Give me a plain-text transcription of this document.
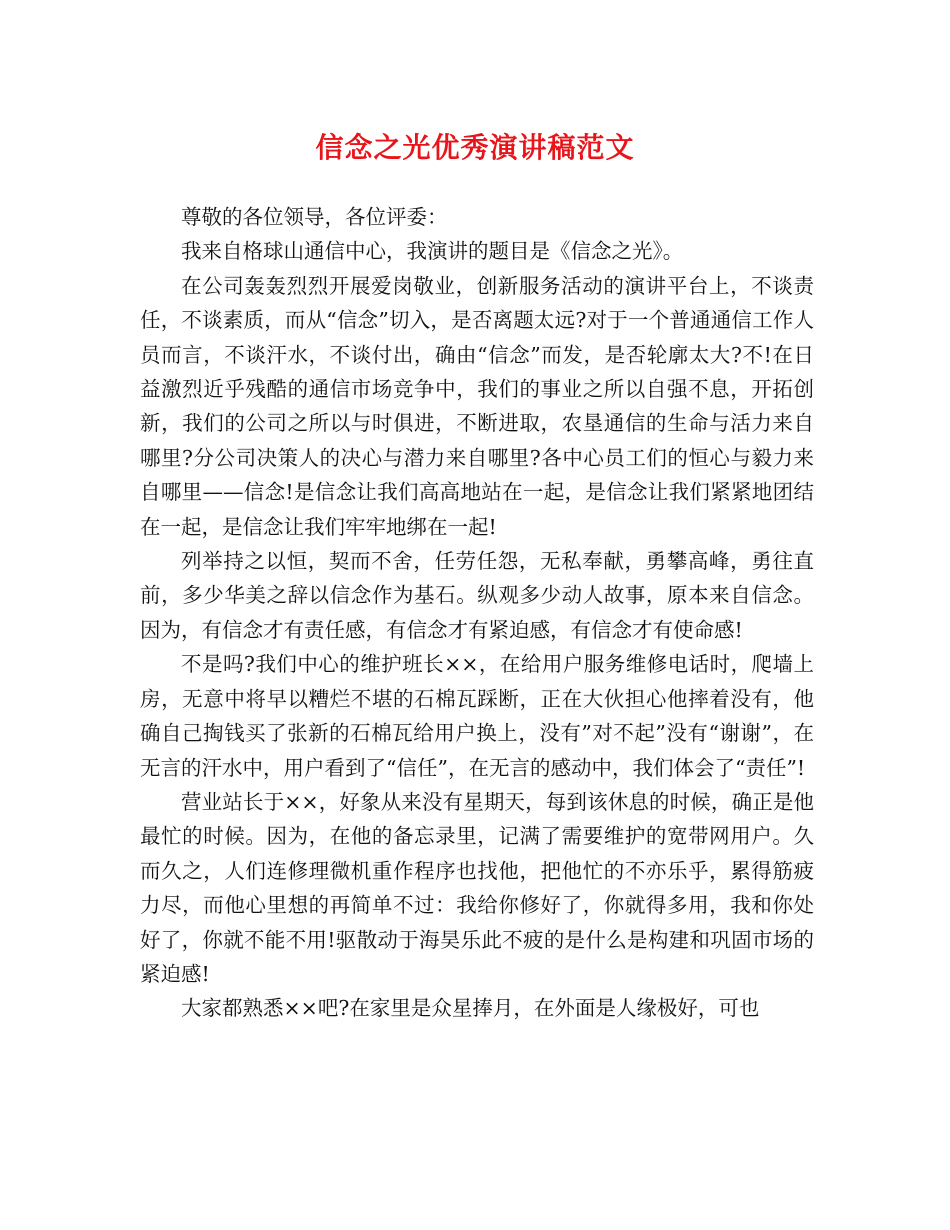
信念之光优秀演讲稿范文

尊敬的各位领导，各位评委：

我来自格球山通信中心，我演讲的题目是《信念之光》。

在公司轰轰烈烈开展爱岗敬业，创新服务活动的演讲平台上，不谈责任，不谈素质，而从“信念”切入，是否离题太远?对于一个普通通信工作人员而言，不谈汗水，不谈付出，确由“信念”而发，是否轮廓太大?不!在日益激烈近乎残酷的通信市场竞争中，我们的事业之所以自强不息，开拓创新，我们的公司之所以与时俱进，不断进取，农垦通信的生命与活力来自哪里?分公司决策人的决心与潜力来自哪里?各中心员工们的恒心与毅力来自哪里——信念!是信念让我们高高地站在一起，是信念让我们紧紧地团结在一起，是信念让我们牢牢地绑在一起!

列举持之以恒，契而不舍，任劳任怨，无私奉献，勇攀高峰，勇往直前，多少华美之辞以信念作为基石。纵观多少动人故事，原本来自信念。因为，有信念才有责任感，有信念才有紧迫感，有信念才有使命感!

不是吗?我们中心的维护班长××，在给用户服务维修电话时，爬墙上房，无意中将早以糟烂不堪的石棉瓦踩断，正在大伙担心他摔着没有，他确自己掏钱买了张新的石棉瓦给用户换上，没有”对不起”没有“谢谢”，在无言的汗水中，用户看到了“信任”，在无言的感动中，我们体会了“责任”!

营业站长于××，好象从来没有星期天，每到该休息的时候，确正是他最忙的时候。因为，在他的备忘录里，记满了需要维护的宽带网用户。久而久之，人们连修理微机重作程序也找他，把他忙的不亦乐乎，累得筋疲力尽，而他心里想的再简单不过：我给你修好了，你就得多用，我和你处好了，你就不能不用!驱散动于海昊乐此不疲的是什么是构建和巩固市场的紧迫感!

大家都熟悉××吧?在家里是众星捧月，在外面是人缘极好，可也
